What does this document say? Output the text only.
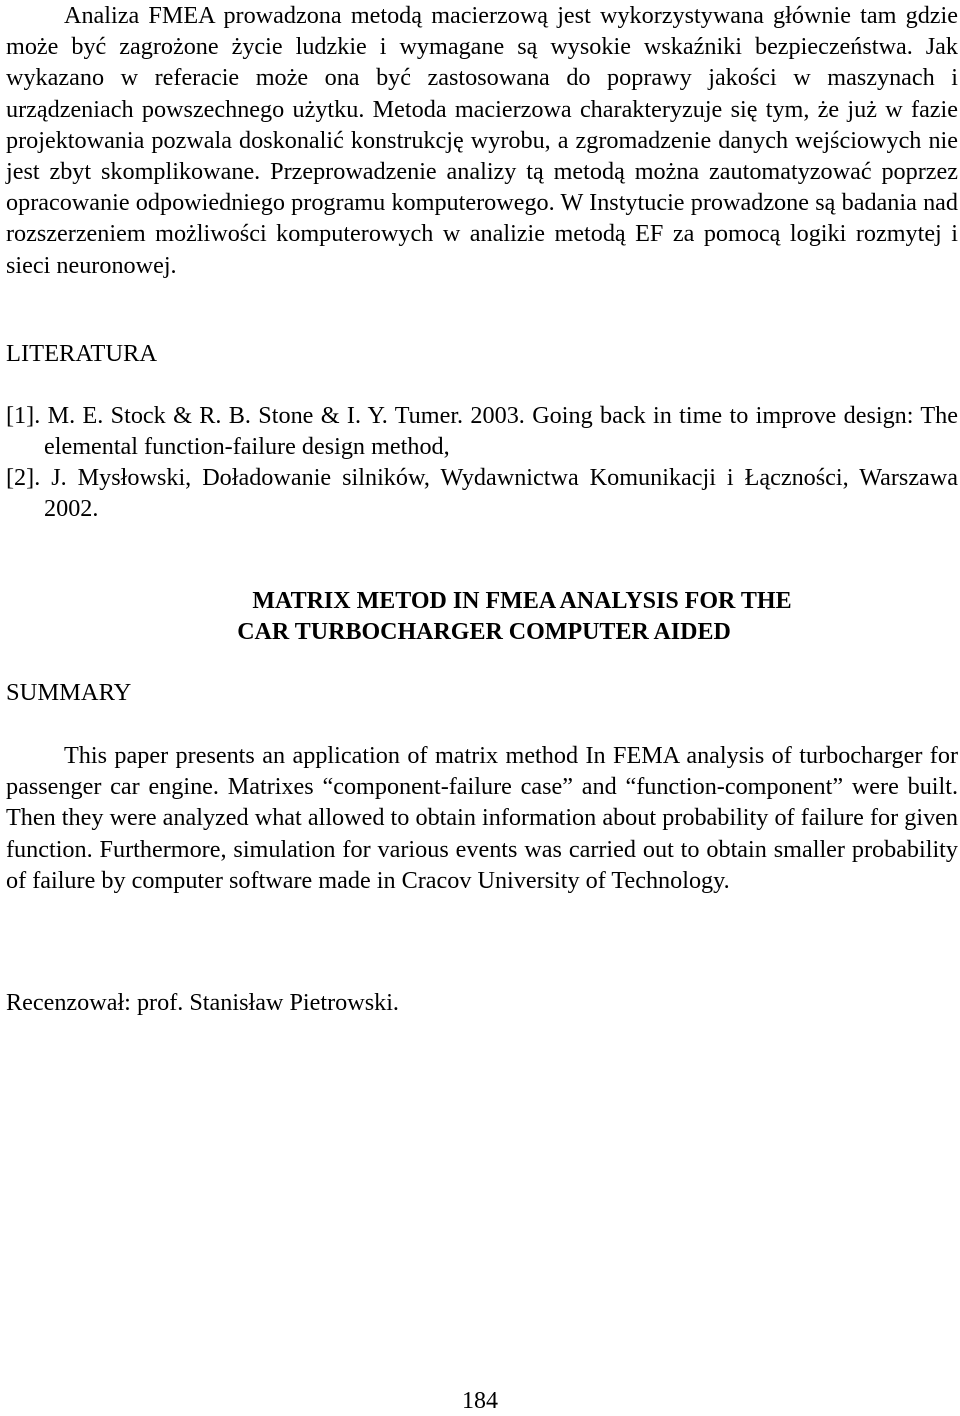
Analiza FMEA prowadzona metodą macierzową jest wykorzystywana głównie tam gdzie może być zagrożone życie ludzkie i wymagane są wysokie wskaźniki bezpieczeństwa. Jak wykazano w referacie może ona być zastosowana do poprawy jakości w maszynach i urządzeniach powszechnego użytku. Metoda macierzowa charakteryzuje się tym, że już w fazie projektowania pozwala doskonalić konstrukcję wyrobu, a zgromadzenie danych wejściowych nie jest zbyt skomplikowane. Przeprowadzenie analizy tą metodą można zautomatyzować poprzez opracowanie odpowiedniego programu komputerowego. W Instytucie prowadzone są badania nad rozszerzeniem możliwości komputerowych w analizie metodą EF za pomocą logiki rozmytej i sieci neuronowej.

LITERATURA
[1]. M. E. Stock & R. B. Stone & I. Y. Tumer. 2003. Going back in time to improve design: The elemental function-failure design method,
[2]. J. Mysłowski, Doładowanie silników, Wydawnictwa Komunikacji i Łączności, Warszawa 2002.
MATRIX METOD IN FMEA ANALYSIS FOR THE
CAR TURBOCHARGER COMPUTER AIDED
SUMMARY

This paper presents an application of matrix method In FEMA analysis of turbocharger for passenger car engine. Matrixes “component-failure case” and “function-component” were built. Then they were analyzed what allowed to obtain information about probability of failure for given function. Furthermore, simulation for various events was carried out to obtain smaller probability of failure by computer software made in Cracov University of Technology.

Recenzował: prof. Stanisław Pietrowski.

184
